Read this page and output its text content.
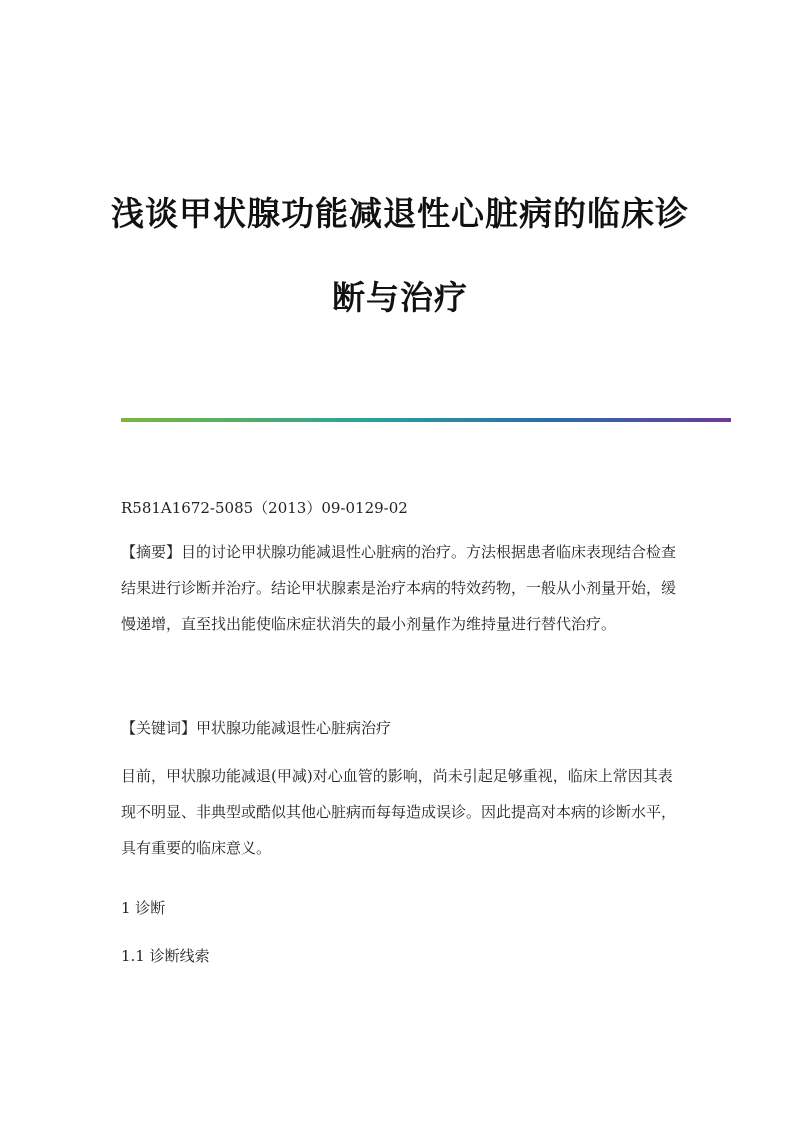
浅谈甲状腺功能减退性心脏病的临床诊
断与治疗
R581A1672-5085（2013）09-0129-02
【摘要】目的讨论甲状腺功能减退性心脏病的治疗。方法根据患者临床表现结合检查结果进行诊断并治疗。结论甲状腺素是治疗本病的特效药物，一般从小剂量开始，缓慢递增，直至找出能使临床症状消失的最小剂量作为维持量进行替代治疗。
【关键词】甲状腺功能减退性心脏病治疗
目前，甲状腺功能减退(甲减)对心血管的影响，尚未引起足够重视，临床上常因其表现不明显、非典型或酷似其他心脏病而每每造成误诊。因此提高对本病的诊断水平，具有重要的临床意义。
1 诊断
1.1 诊断线索
